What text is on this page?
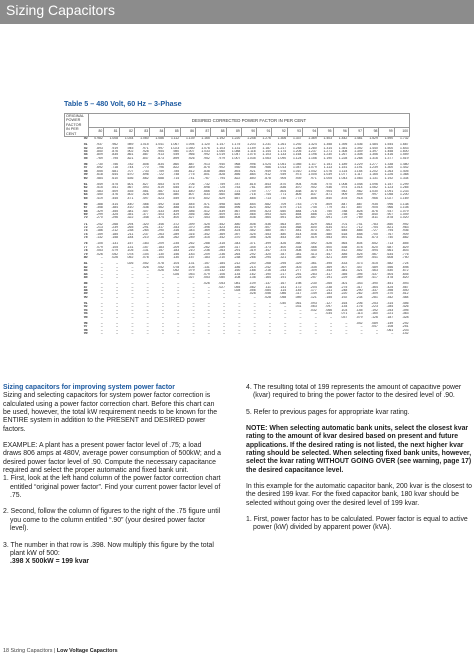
Sizing Capacitors
Table 5 – 480 Volt, 60 Hz – 3-Phase
ORIGINAL
POWER
FACTOR
IN PER
CENT	DESIRED CORRECTED POWER FACTOR IN PER CENT																				
	80	81	82	83	84	85	86	87	88	89	90	91	92	93	94	95	96	97	98	99	100
50	0.982	1.008	1.034	1.060	1.086	1.112	1.139	1.165	1.192	1.220	1.248	1.276	1.306	1.337	1.369	1.403	1.442	1.481	1.529	1.590	1.732

51	.937	.962	.989	1.015	1.041	1.067	1.094	1.120	1.147	1.175	1.203	1.231	1.261	1.292	1.324	1.358	1.395	1.436	1.484	1.544	1.687
52	.893	.919	.945	.971	.997	1.023	1.050	1.076	1.103	1.131	1.159	1.187	1.217	1.248	1.280	1.314	1.351	1.392	1.440	1.500	1.643
53	.850	.876	.902	.928	.954	.980	1.007	1.033	1.060	1.088	1.116	1.144	1.174	1.205	1.237	1.271	1.308	1.349	1.397	1.458	1.600
54	.809	.835	.861	.887	.913	.939	.966	.992	1.019	1.047	1.075	1.103	1.133	1.164	1.196	1.230	1.267	1.308	1.356	1.416	1.559
55	.769	.795	.821	.847	.873	.899	.926	.952	.979	1.007	1.035	1.063	1.090	1.124	1.156	1.190	1.228	1.268	1.316	1.377	1.519

56	.730	.756	.782	.808	.834	.860	.887	.913	.940	.968	.996	1.024	1.051	1.085	1.117	1.151	1.189	1.229	1.277	1.338	1.480
57	.692	.718	.744	.770	.796	.822	.849	.875	.902	.930	.958	.986	1.013	1.047	1.079	1.113	1.151	1.191	1.239	1.300	1.442
58	.655	.681	.707	.733	.759	.785	.812	.838	.865	.893	.921	.949	.976	1.010	1.042	1.076	1.114	1.154	1.202	1.263	1.405
59	.618	.644	.670	.696	.722	.748	.775	.801	.828	.856	.884	.912	.939	.973	1.005	1.039	1.077	1.117	1.165	1.226	1.368
60	.584	.610	.636	.662	.688	.714	.741	.767	.794	.822	.850	.878	.905	.939	.971	1.005	1.043	1.083	1.131	1.192	1.334

61	.549	.575	.601	.627	.653	.679	.706	.732	.759	.787	.815	.843	.870	.904	.936	.970	1.008	1.048	1.096	1.157	1.299
62	.515	.541	.567	.593	.619	.645	.672	.698	.725	.753	.781	.809	.836	.870	.902	.936	.974	1.014	1.062	1.123	1.265
63	.483	.509	.535	.561	.587	.613	.640	.666	.693	.721	.749	.777	.804	.838	.870	.904	.942	.982	1.030	1.091	1.233
64	.450	.476	.502	.528	.554	.580	.607	.633	.660	.688	.716	.744	.771	.805	.837	.871	.909	.949	.997	1.058	1.200
65	.419	.445	.471	.497	.523	.549	.576	.602	.629	.657	.685	.713	.740	.774	.806	.840	.878	.918	.966	1.027	1.169

66	.388	.414	.440	.466	.492	.518	.545	.571	.598	.626	.654	.682	.709	.743	.775	.809	.847	.887	.935	.996	1.138
67	.358	.384	.410	.436	.462	.488	.515	.541	.568	.596	.624	.652	.679	.713	.745	.779	.817	.857	.905	.966	1.108
68	.329	.355	.381	.407	.433	.459	.486	.512	.539	.567	.595	.623	.650	.684	.716	.750	.788	.828	.876	.937	1.079
69	.299	.325	.351	.377	.403	.429	.456	.482	.509	.537	.565	.593	.620	.654	.686	.720	.758	.798	.840	.907	1.049
70	.270	.296	.322	.348	.374	.400	.427	.453	.480	.508	.536	.564	.591	.625	.657	.691	.729	.769	.811	.878	1.020

71	.242	.268	.294	.320	.346	.372	.399	.425	.452	.480	.508	.536	.563	.597	.629	.663	.701	.741	.783	.850	.992
72	.213	.239	.265	.291	.317	.343	.370	.396	.423	.451	.479	.507	.534	.568	.600	.634	.672	.712	.754	.821	.963
73	.186	.212	.238	.264	.290	.316	.343	.369	.396	.424	.452	.480	.507	.541	.573	.607	.645	.685	.727	.794	.936
74	.159	.185	.211	.237	.263	.289	.316	.342	.369	.397	.425	.453	.480	.514	.546	.580	.618	.658	.700	.767	.909
75	.132	.158	.184	.210	.236	.262	.289	.315	.342	.370	.398	.426	.453	.487	.519	.553	.591	.631	.673	.740	.882

76	.105	.131	.157	.183	.209	.235	.262	.288	.315	.343	.371	.399	.426	.460	.492	.526	.564	.604	.652	.713	.855
77	.079	.105	.131	.157	.183	.209	.236	.262	.289	.317	.345	.373	.400	.434	.466	.500	.538	.578	.620	.687	.829
78	.053	.079	.105	.131	.157	.183	.210	.236	.263	.291	.319	.347	.374	.408	.440	.474	.512	.552	.594	.661	.803
79	.026	.052	.078	.104	.130	.156	.183	.209	.236	.264	.292	.320	.347	.381	.413	.447	.485	.525	.567	.634	.776
80	–	.026	.052	.078	.104	.130	.157	.183	.210	.238	.266	.294	.321	.355	.387	.421	.459	.499	.541	.608	.750

81	–	–	.026	.052	.078	.104	.131	.157	.184	.212	.240	.268	.295	.329	.361	.395	.433	.473	.515	.582	.724
82	–	–	–	.026	.052	.078	.105	.131	.158	.186	.214	.242	.269	.303	.335	.369	.407	.447	.489	.556	.698
83	–	–	–	–	.026	.052	.079	.105	.132	.160	.188	.216	.243	.277	.309	.343	.381	.421	.463	.530	.672
84	–	–	–	–	–	.026	.053	.079	.106	.134	.162	.190	.217	.251	.283	.317	.355	.395	.437	.504	.645
85	–	–	–	–	–	–	.027	.053	.080	.108	.136	.164	.191	.225	.257	.191	.229	.369	.417	.478	.620

86	–	–	–	–	–	–	–	.026	.053	.081	.109	.137	.167	.198	.230	.265	.301	.343	.390	.451	.593
87	–	–	–	–	–	–	–	–	.027	.055	.082	.111	.141	.172	.204	.238	.275	.317	.364	.425	.567
88	–	–	–	–	–	–	–	–	–	.028	.056	.084	.114	.145	.177	.211	.248	.290	.337	.398	.540
89	–	–	–	–	–	–	–	–	–	–	.028	.056	.086	.117	.149	.183	.220	.262	.309	.370	.512
90	–	–	–	–	–	–	–	–	–	–	–	.028	.058	.089	.121	.155	.192	.234	.281	.342	.484

91	–	–	–	–	–	–	–	–	–	–	–	–	.030	.061	.093	.127	.164	.206	.253	.314	.456
92	–	–	–	–	–	–	–	–	–	–	–	–	–	.031	.063	.097	.134	.176	.223	.284	.426
93	–	–	–	–	–	–	–	–	–	–	–	–	–	–	.032	.066	.103	.145	.192	.253	.395
94	–	–	–	–	–	–	–	–	–	–	–	–	–	–	–	.034	.071	.113	.160	.221	.363
95	–	–	–	–	–	–	–	–	–	–	–	–	–	–	–	–	.037	.079	.126	.187	.328

96	–	–	–	–	–	–	–	–	–	–	–	–	–	–	–	–	–	.042	.089	.149	.292
97	–	–	–	–	–	–	–	–	–	–	–	–	–	–	–	–	–	–	.047	.108	.251
98	–	–	–	–	–	–	–	–	–	–	–	–	–	–	–	–	–	–	–	.061	.203
99	–	–	–	–	–	–	–	–	–	–	–	–	–	–	–	–	–	–	–	–	.142

Sizing capacitors for improving system power factor

Sizing and selecting capacitors for system power factor correction is calculated using a power factor correction chart. Before this chart can be used, however, the total kW requirement needs to be known for the ENTIRE system in addition to the PRESENT and DESIRED power factors.

EXAMPLE: A plant has a present power factor level of .75; a load draws 806 amps at 480V, average power consumption of 500kW; and a desired power factor level of .90. Compute the necessary capacitance required and select the proper automatic and fixed bank unit.

1. First, look at the left hand column of the power factor correction chart entitled “original power factor”. Find your current power factor level of .75.

2. Second, follow the column of figures to the right of the .75 figure until you come to the column entitled “.90” (your desired power factor level).

3. The number in that row is .398. Now multiply this figure by the total plant kW of 500:

.398 X 500kW = 199 kvar

4. The resulting total of 199 represents the amount of capacitive power (kvar) required to bring the power factor to the desired level of .90.

5. Refer to previous pages for appropriate kvar rating.

NOTE: When selecting automatic bank units, select the closest kvar rating to the amount of kvar desired based on present and future applications. If the desired rating is not listed, the next higher kvar rating should be selected. When selecting fixed bank units, however, select the kvar rating WITHOUT GOING OVER (see warning, page 17) the desired capacitance level.

In this example for the automatic capacitor bank, 200 kvar is the closest to the desired 199 kvar. For the fixed capacitor bank, 180 kvar should be selected without going over the desired level of 199 kvar.

1. First, power factor has to be calculated. Power factor is equal to active power (kW) divided by apparent power (kVA).

18 Sizing Capacitors | Low Voltage Capacitors
